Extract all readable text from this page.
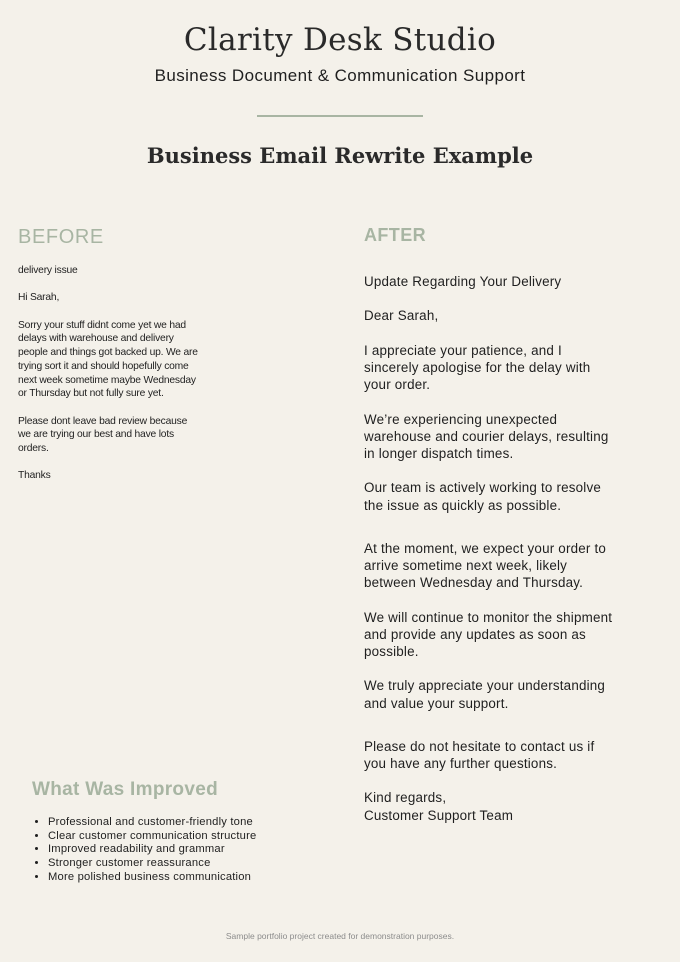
Clarity Desk Studio
Business Document & Communication Support
Business Email Rewrite Example
BEFORE

delivery issue

Hi Sarah,

Sorry your stuff didnt come yet we had delays with warehouse and delivery people and things got backed up. We are trying sort it and should hopefully come next week sometime maybe Wednesday or Thursday but not fully sure yet.

Please dont leave bad review because we are trying our best and have lots orders.

Thanks

AFTER

Update Regarding Your Delivery

Dear Sarah,

I appreciate your patience, and I sincerely apologise for the delay with your order.

We’re experiencing unexpected warehouse and courier delays, resulting in longer dispatch times.

Our team is actively working to resolve the issue as quickly as possible.

At the moment, we expect your order to arrive sometime next week, likely between Wednesday and Thursday.

We will continue to monitor the shipment and provide any updates as soon as possible.

We truly appreciate your understanding and value your support.

Please do not hesitate to contact us if you have any further questions.

Kind regards,
Customer Support Team

What Was Improved
• Professional and customer-friendly tone
• Clear customer communication structure
• Improved readability and grammar
• Stronger customer reassurance
• More polished business communication
Sample portfolio project created for demonstration purposes.
